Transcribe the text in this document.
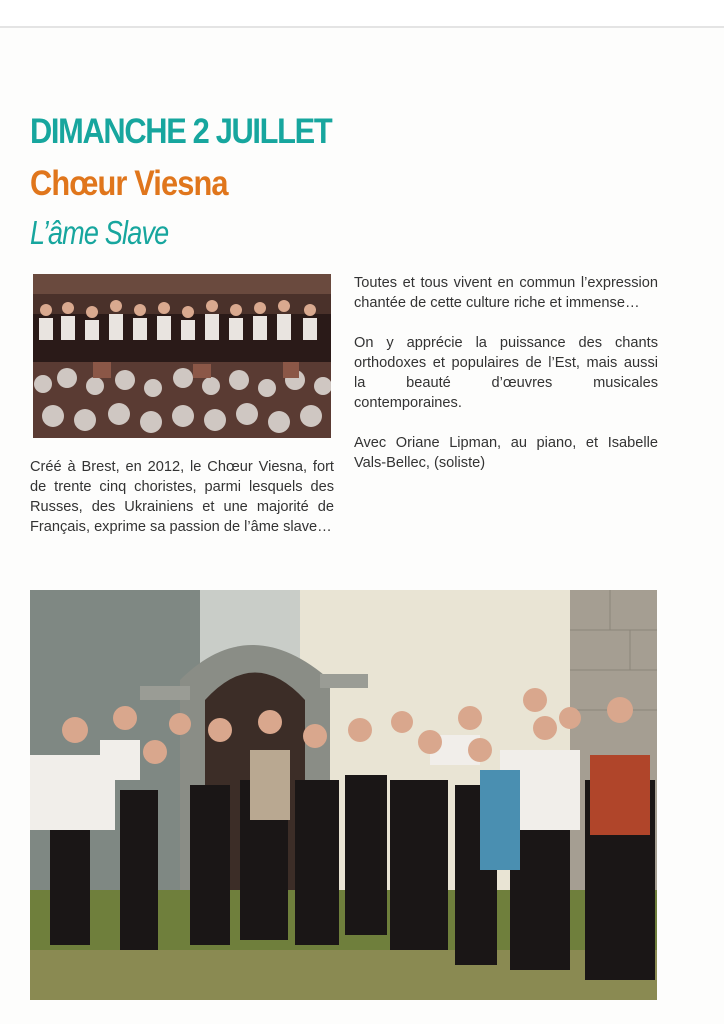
DIMANCHE 2 JUILLET
Chœur Viesna
L’âme Slave

Créé à Brest, en 2012, le Chœur Viesna, fort de trente cinq choristes, parmi lesquels des Russes, des Ukrainiens et une majorité de Français, exprime sa passion de l’âme slave…

Toutes et tous vivent en commun l’expression chantée de cette culture riche et immense…

On y apprécie la puissance des chants orthodoxes et populaires de l’Est, mais aussi la beauté d’œuvres musicales contemporaines.

Avec Oriane Lipman, au piano, et Isabelle Vals-Bellec, (soliste)
